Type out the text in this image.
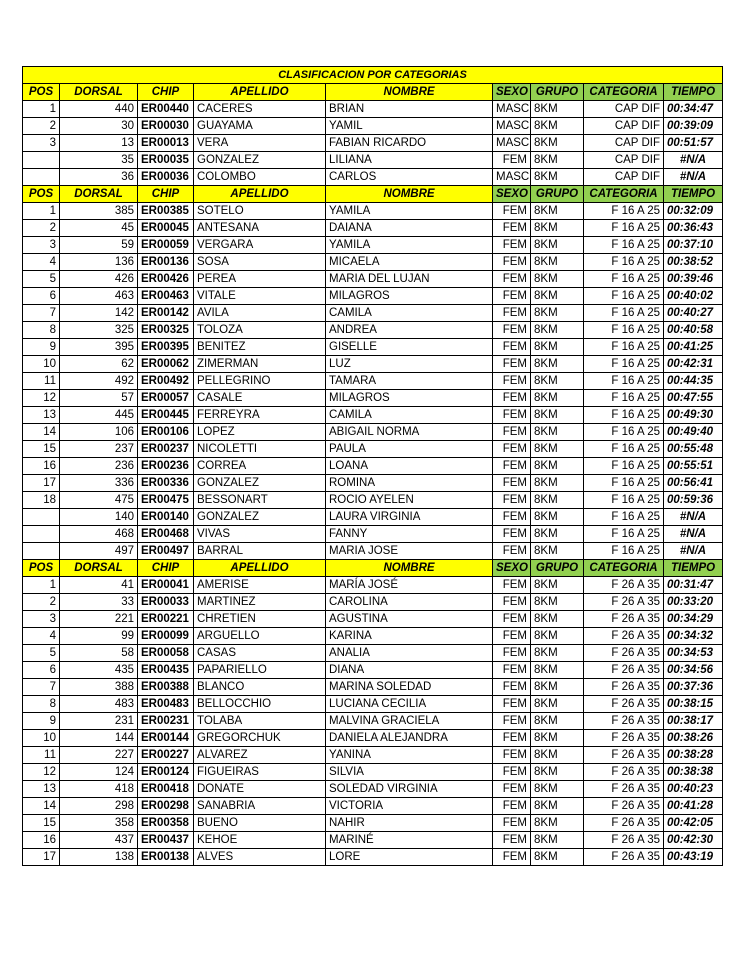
CLASIFICACION POR CATEGORIAS								
POS	DORSAL	CHIP	APELLIDO	NOMBRE	SEXO	GRUPO	CATEGORIA	TIEMPO
1	440	ER00440	CACERES	BRIAN	MASC	8KM	CAP DIF	00:34:47
2	30	ER00030	GUAYAMA	YAMIL	MASC	8KM	CAP DIF	00:39:09
3	13	ER00013	VERA	FABIAN RICARDO	MASC	8KM	CAP DIF	00:51:57
	35	ER00035	GONZALEZ	LILIANA	FEM	8KM	CAP DIF	#N/A
	36	ER00036	COLOMBO	CARLOS	MASC	8KM	CAP DIF	#N/A
POS	DORSAL	CHIP	APELLIDO	NOMBRE	SEXO	GRUPO	CATEGORIA	TIEMPO
1	385	ER00385	SOTELO	YAMILA	FEM	8KM	F 16 A 25	00:32:09
2	45	ER00045	ANTESANA	DAIANA	FEM	8KM	F 16 A 25	00:36:43
3	59	ER00059	VERGARA	YAMILA	FEM	8KM	F 16 A 25	00:37:10
4	136	ER00136	SOSA	MICAELA	FEM	8KM	F 16 A 25	00:38:52
5	426	ER00426	PEREA	MARIA DEL LUJAN	FEM	8KM	F 16 A 25	00:39:46
6	463	ER00463	VITALE	MILAGROS	FEM	8KM	F 16 A 25	00:40:02
7	142	ER00142	AVILA	CAMILA	FEM	8KM	F 16 A 25	00:40:27
8	325	ER00325	TOLOZA	ANDREA	FEM	8KM	F 16 A 25	00:40:58
9	395	ER00395	BENITEZ	GISELLE	FEM	8KM	F 16 A 25	00:41:25
10	62	ER00062	ZIMERMAN	LUZ	FEM	8KM	F 16 A 25	00:42:31
11	492	ER00492	PELLEGRINO	TAMARA	FEM	8KM	F 16 A 25	00:44:35
12	57	ER00057	CASALE	MILAGROS	FEM	8KM	F 16 A 25	00:47:55
13	445	ER00445	FERREYRA	CAMILA	FEM	8KM	F 16 A 25	00:49:30
14	106	ER00106	LOPEZ	ABIGAIL NORMA	FEM	8KM	F 16 A 25	00:49:40
15	237	ER00237	NICOLETTI	PAULA	FEM	8KM	F 16 A 25	00:55:48
16	236	ER00236	CORREA	LOANA	FEM	8KM	F 16 A 25	00:55:51
17	336	ER00336	GONZALEZ	ROMINA	FEM	8KM	F 16 A 25	00:56:41
18	475	ER00475	BESSONART	ROCIO AYELEN	FEM	8KM	F 16 A 25	00:59:36
	140	ER00140	GONZALEZ	LAURA VIRGINIA	FEM	8KM	F 16 A 25	#N/A
	468	ER00468	VIVAS	FANNY	FEM	8KM	F 16 A 25	#N/A
	497	ER00497	BARRAL	MARIA JOSE	FEM	8KM	F 16 A 25	#N/A
POS	DORSAL	CHIP	APELLIDO	NOMBRE	SEXO	GRUPO	CATEGORIA	TIEMPO
1	41	ER00041	AMERISE	MARÍA JOSÉ	FEM	8KM	F 26 A 35	00:31:47
2	33	ER00033	MARTINEZ	CAROLINA	FEM	8KM	F 26 A 35	00:33:20
3	221	ER00221	CHRETIEN	AGUSTINA	FEM	8KM	F 26 A 35	00:34:29
4	99	ER00099	ARGUELLO	KARINA	FEM	8KM	F 26 A 35	00:34:32
5	58	ER00058	CASAS	ANALIA	FEM	8KM	F 26 A 35	00:34:53
6	435	ER00435	PAPARIELLO	DIANA	FEM	8KM	F 26 A 35	00:34:56
7	388	ER00388	BLANCO	MARINA SOLEDAD	FEM	8KM	F 26 A 35	00:37:36
8	483	ER00483	BELLOCCHIO	LUCIANA CECILIA	FEM	8KM	F 26 A 35	00:38:15
9	231	ER00231	TOLABA	MALVINA GRACIELA	FEM	8KM	F 26 A 35	00:38:17
10	144	ER00144	GREGORCHUK	DANIELA ALEJANDRA	FEM	8KM	F 26 A 35	00:38:26
11	227	ER00227	ALVAREZ	YANINA	FEM	8KM	F 26 A 35	00:38:28
12	124	ER00124	FIGUEIRAS	SILVIA	FEM	8KM	F 26 A 35	00:38:38
13	418	ER00418	DONATE	SOLEDAD VIRGINIA	FEM	8KM	F 26 A 35	00:40:23
14	298	ER00298	SANABRIA	VICTORIA	FEM	8KM	F 26 A 35	00:41:28
15	358	ER00358	BUENO	NAHIR	FEM	8KM	F 26 A 35	00:42:05
16	437	ER00437	KEHOE	MARINÉ	FEM	8KM	F 26 A 35	00:42:30
17	138	ER00138	ALVES	LORE	FEM	8KM	F 26 A 35	00:43:19
